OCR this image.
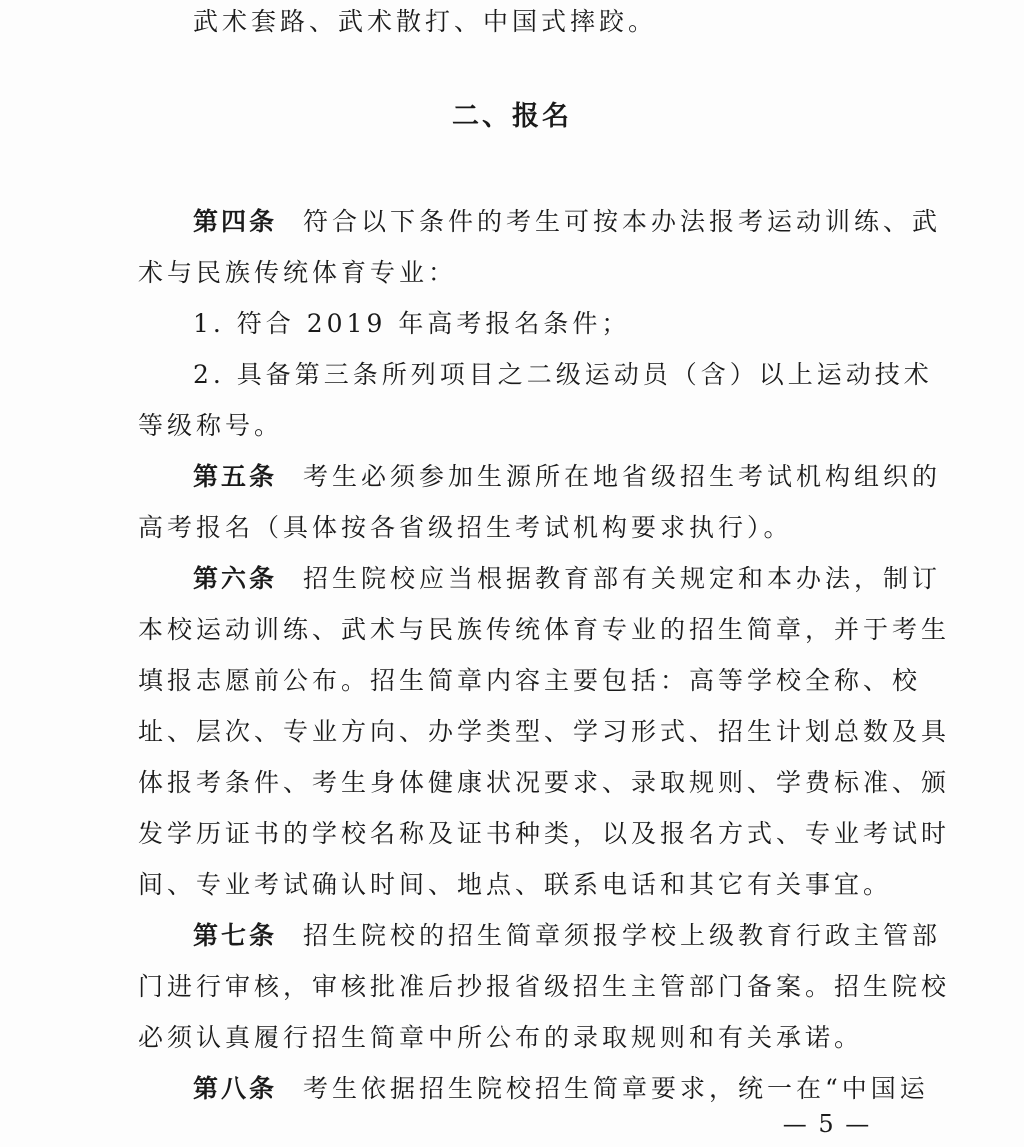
武术套路、武术散打、中国式摔跤。
二、报名
第四条 符合以下条件的考生可按本办法报考运动训练、武
术与民族传统体育专业：
1. 符合 2019 年高考报名条件；
2. 具备第三条所列项目之二级运动员（含）以上运动技术
等级称号。
第五条 考生必须参加生源所在地省级招生考试机构组织的
高考报名（具体按各省级招生考试机构要求执行）。
第六条 招生院校应当根据教育部有关规定和本办法，制订
本校运动训练、武术与民族传统体育专业的招生简章，并于考生
填报志愿前公布。招生简章内容主要包括：高等学校全称、校
址、层次、专业方向、办学类型、学习形式、招生计划总数及具
体报考条件、考生身体健康状况要求、录取规则、学费标准、颁
发学历证书的学校名称及证书种类，以及报名方式、专业考试时
间、专业考试确认时间、地点、联系电话和其它有关事宜。
第七条 招生院校的招生简章须报学校上级教育行政主管部
门进行审核，审核批准后抄报省级招生主管部门备案。招生院校
必须认真履行招生简章中所公布的录取规则和有关承诺。
第八条 考生依据招生院校招生简章要求，统一在“中国运
— 5 —
